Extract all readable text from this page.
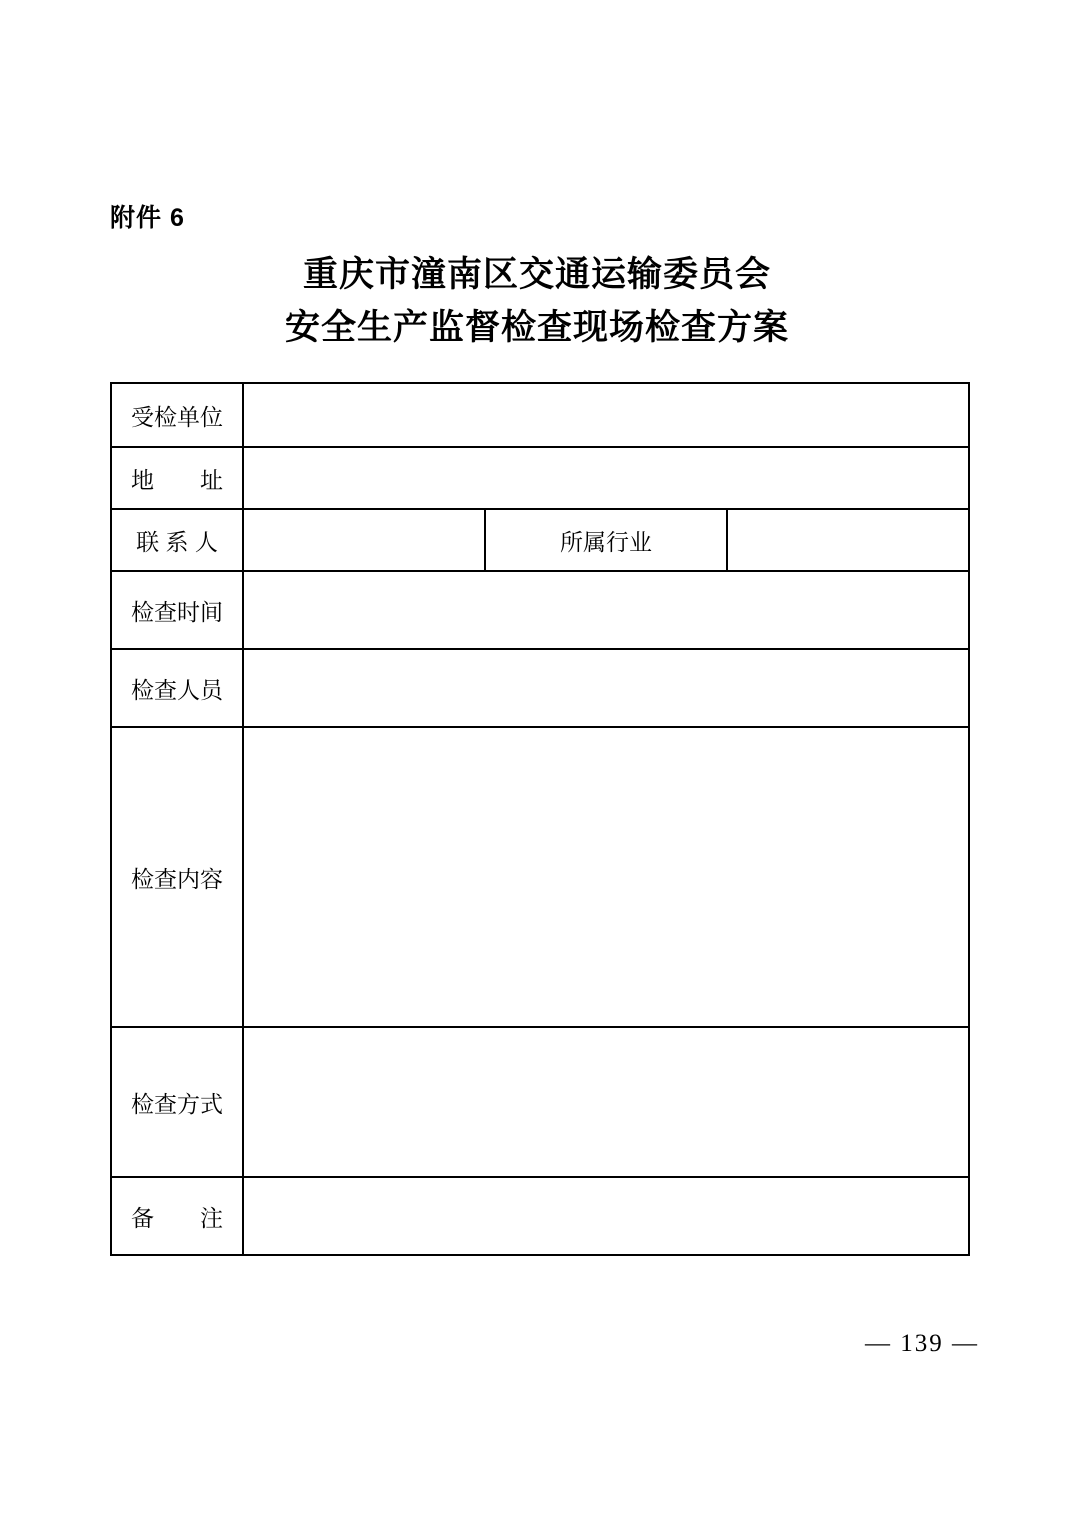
附件 6
重庆市潼南区交通运输委员会
安全生产监督检查现场检查方案
受检单位			

地　　址			

联 系 人		所属行业	

检查时间			

检查人员			

检查内容			

检查方式			

备　　注			
— 139 —
